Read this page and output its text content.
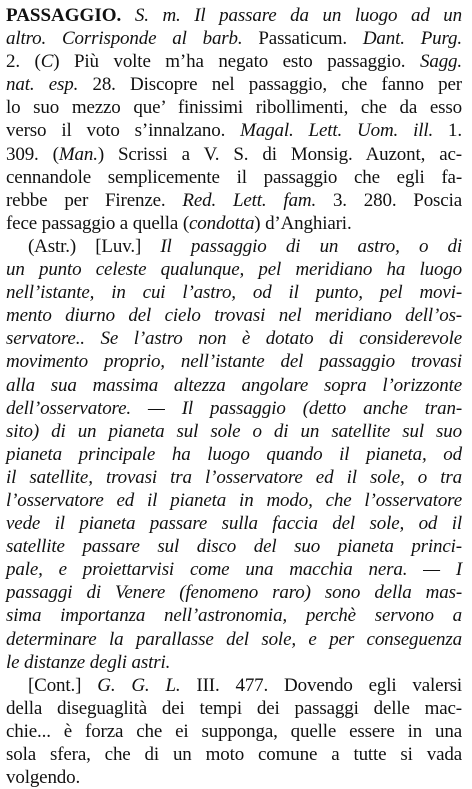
PASSAGGIO. S. m. Il passare da un luogo ad un
altro. Corrisponde al barb. Passaticum. Dant. Purg.
2. (C) Più volte m’ha negato esto passaggio. Sagg.
nat. esp. 28. Discopre nel passaggio, che fanno per
lo suo mezzo que’ finissimi ribollimenti, che da esso
verso il voto s’innalzano. Magal. Lett. Uom. ill. 1.
309. (Man.) Scrissi a V. S. di Monsig. Auzont, ac-
cennandole semplicemente il passaggio che egli fa-
rebbe per Firenze. Red. Lett. fam. 3. 280. Poscia
fece passaggio a quella (condotta) d’Anghiari.
(Astr.) [Luv.] Il passaggio di un astro, o di
un punto celeste qualunque, pel meridiano ha luogo
nell’istante, in cui l’astro, od il punto, pel movi-
mento diurno del cielo trovasi nel meridiano dell’os-
servatore.. Se l’astro non è dotato di considerevole
movimento proprio, nell’istante del passaggio trovasi
alla sua massima altezza angolare sopra l’orizzonte
dell’osservatore. — Il passaggio (detto anche tran-
sito) di un pianeta sul sole o di un satellite sul suo
pianeta principale ha luogo quando il pianeta, od
il satellite, trovasi tra l’osservatore ed il sole, o tra
l’osservatore ed il pianeta in modo, che l’osservatore
vede il pianeta passare sulla faccia del sole, od il
satellite passare sul disco del suo pianeta princi-
pale, e proiettarvisi come una macchia nera. — I
passaggi di Venere (fenomeno raro) sono della mas-
sima importanza nell’astronomia, perchè servono a
determinare la parallasse del sole, e per conseguenza
le distanze degli astri.
[Cont.] G. G. L. III. 477. Dovendo egli valersi
della diseguaglità dei tempi dei passaggi delle mac-
chie... è forza che ei supponga, quelle essere in una
sola sfera, che di un moto comune a tutte si vada
volgendo.
